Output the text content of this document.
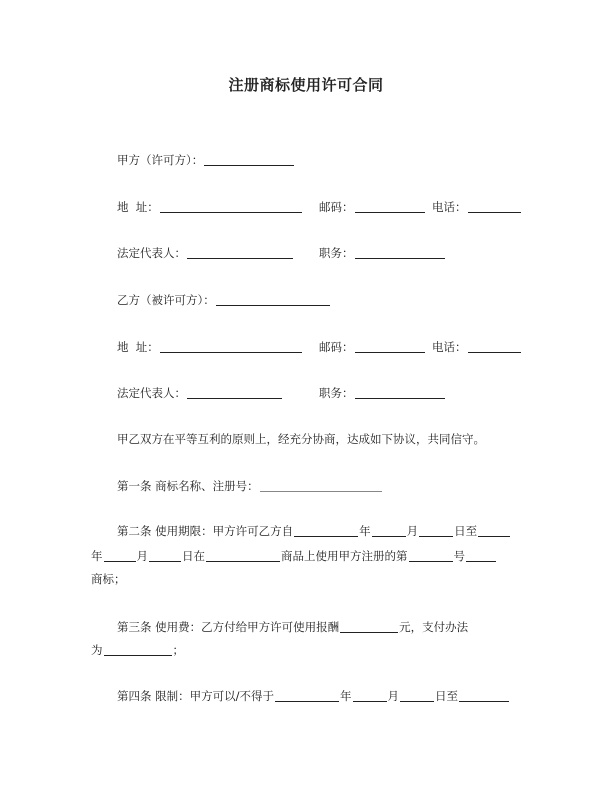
注册商标使用许可合同
甲方（许可方）：
地  址：	邮码：	电话：
法定代表人：	职务：
乙方（被许可方）：
地  址：	邮码：	电话：
法定代表人：	职务：
甲乙双方在平等互利的原则上，经充分协商，达成如下协议，共同信守。
第一条 商标名称、注册号：
第二条 使用期限：甲方许可乙方自	年	月	日至
年	月	日在	商品上使用甲方注册的第	号
商标；
第三条 使用费：乙方付给甲方许可使用报酬	元，支付办法
为	；
第四条 限制：甲方可以/不得于	年	月	日至
